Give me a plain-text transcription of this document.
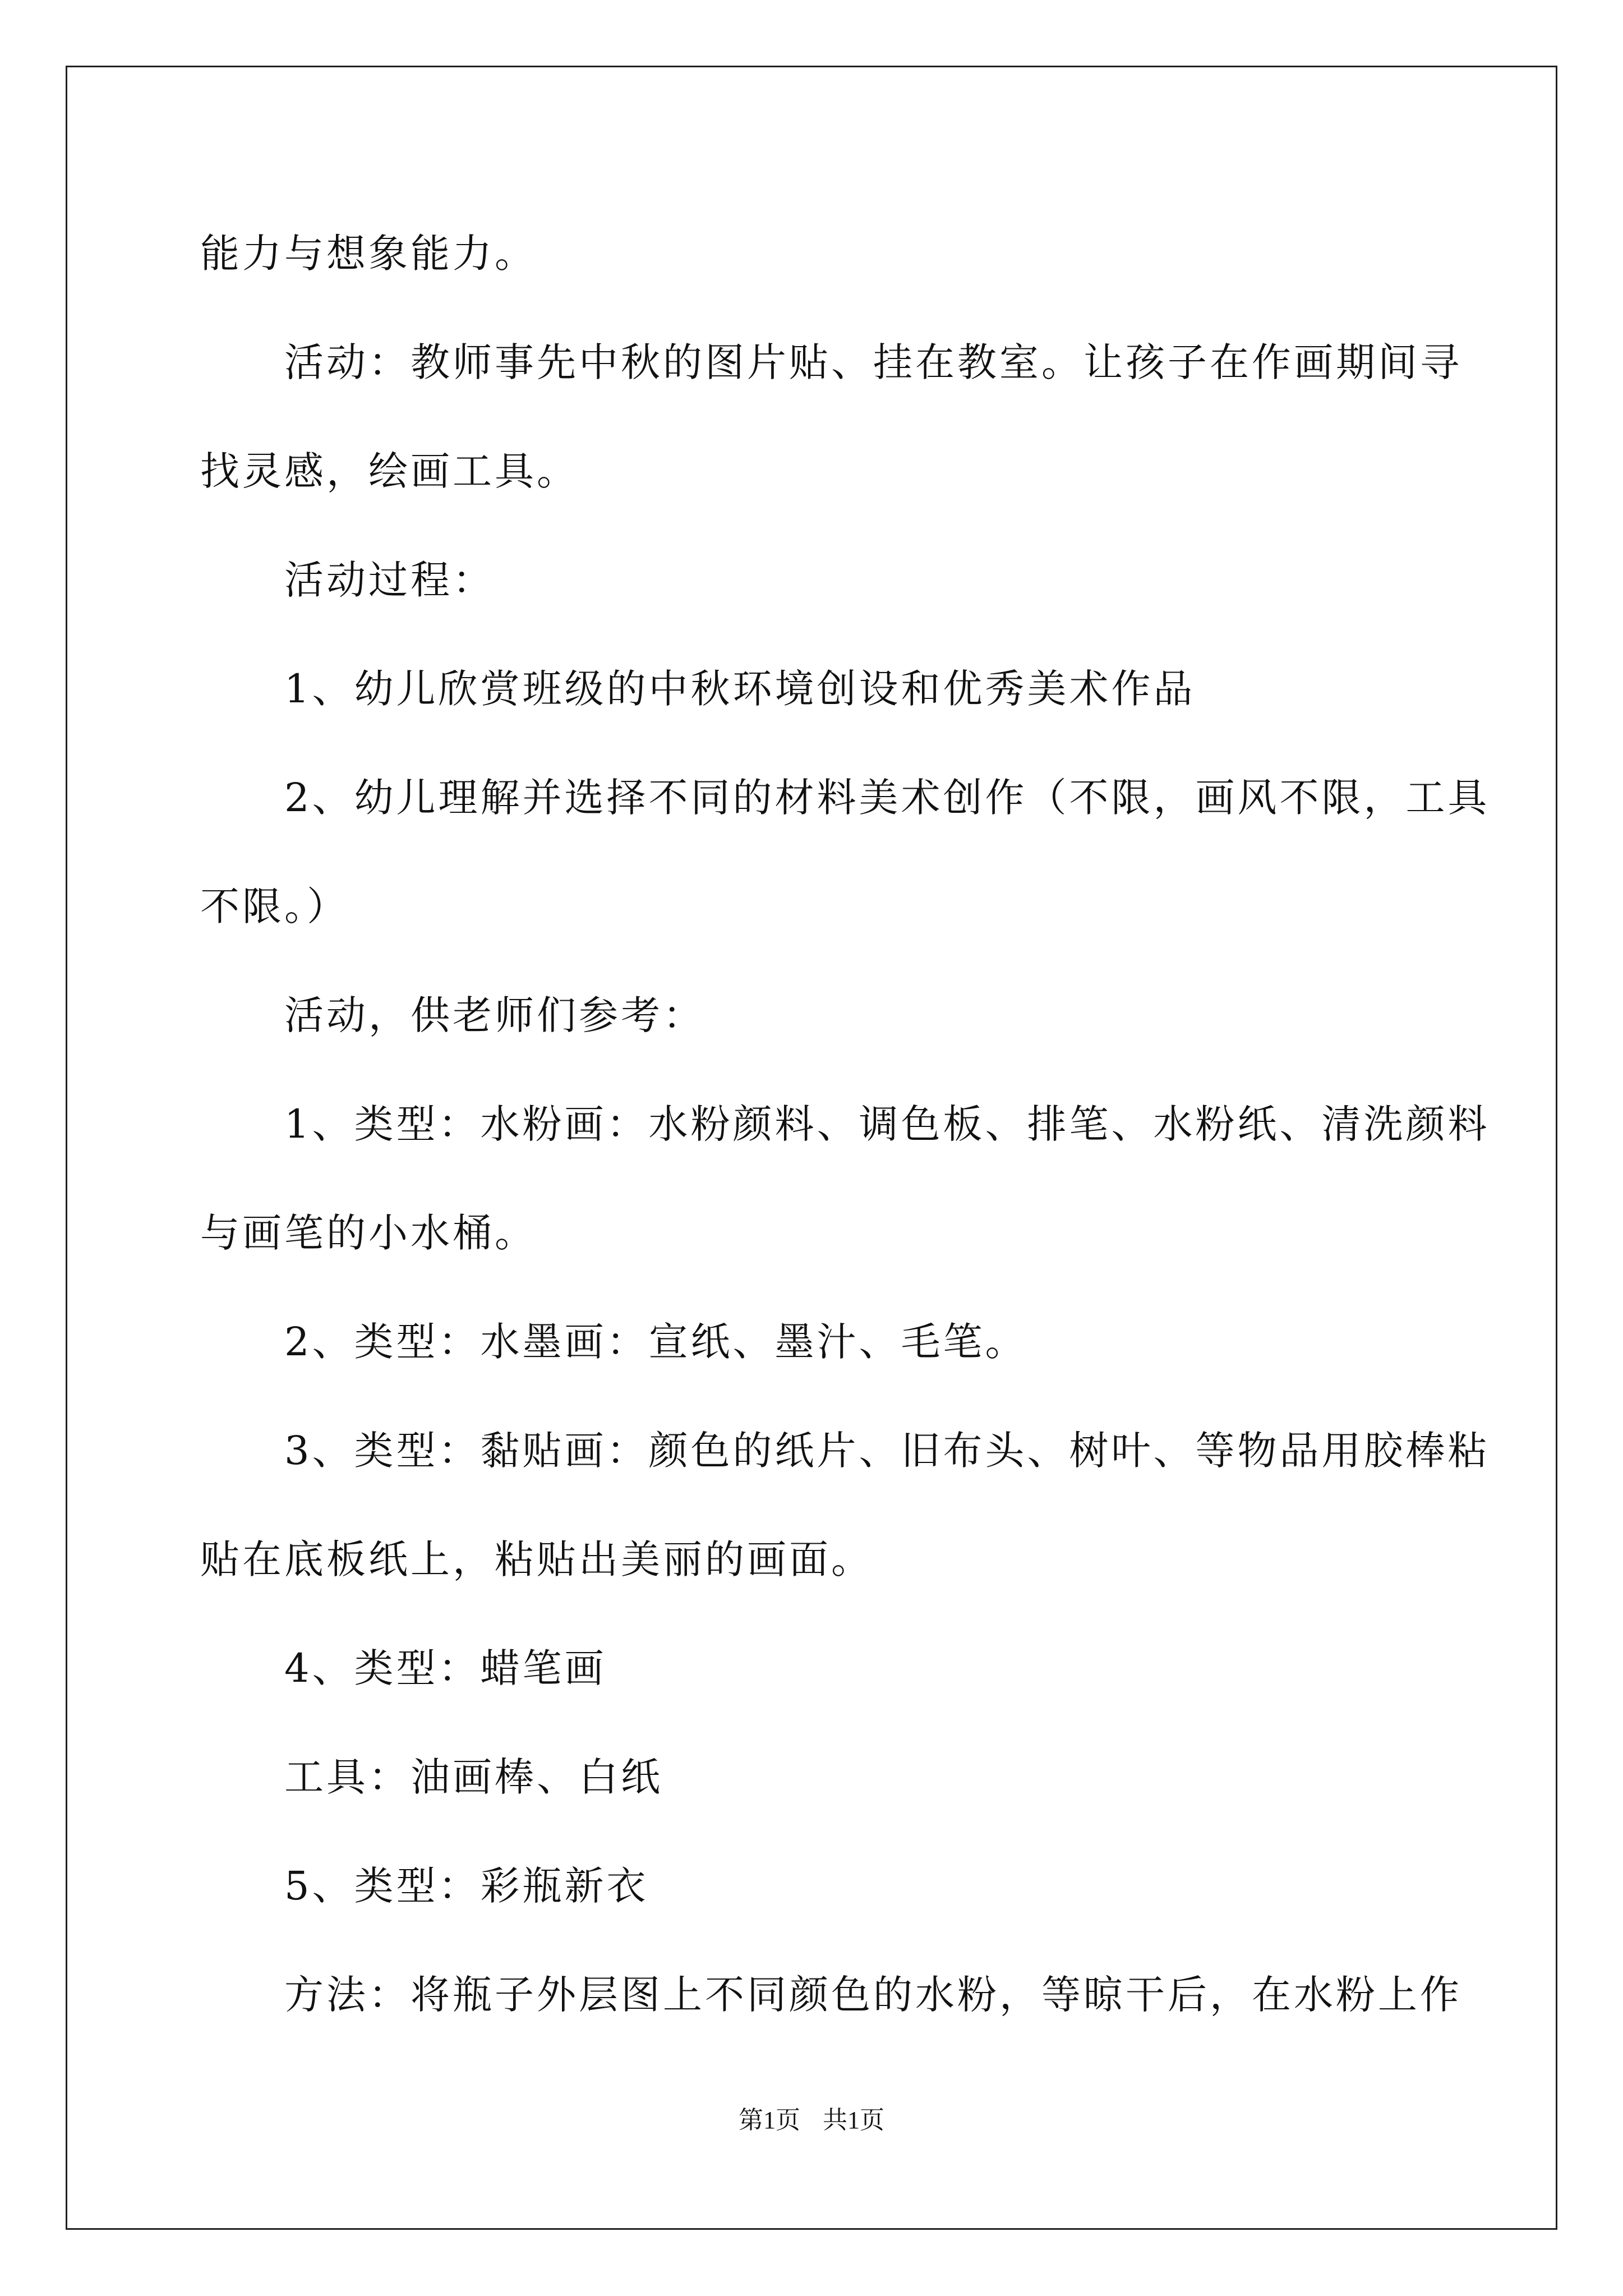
能力与想象能力。

　　活动：教师事先中秋的图片贴、挂在教室。让孩子在作画期间寻

找灵感，绘画工具。

　　活动过程：

　　1、幼儿欣赏班级的中秋环境创设和优秀美术作品

　　2、幼儿理解并选择不同的材料美术创作（不限，画风不限，工具

不限。）

　　活动，供老师们参考：

　　1、类型：水粉画：水粉颜料、调色板、排笔、水粉纸、清洗颜料

与画笔的小水桶。

　　2、类型：水墨画：宣纸、墨汁、毛笔。

　　3、类型：黏贴画：颜色的纸片、旧布头、树叶、等物品用胶棒粘

贴在底板纸上，粘贴出美丽的画面。

　　4、类型：蜡笔画

　　工具：油画棒、白纸

　　5、类型：彩瓶新衣

　　方法：将瓶子外层图上不同颜色的水粉，等晾干后，在水粉上作

第1页 共1页
